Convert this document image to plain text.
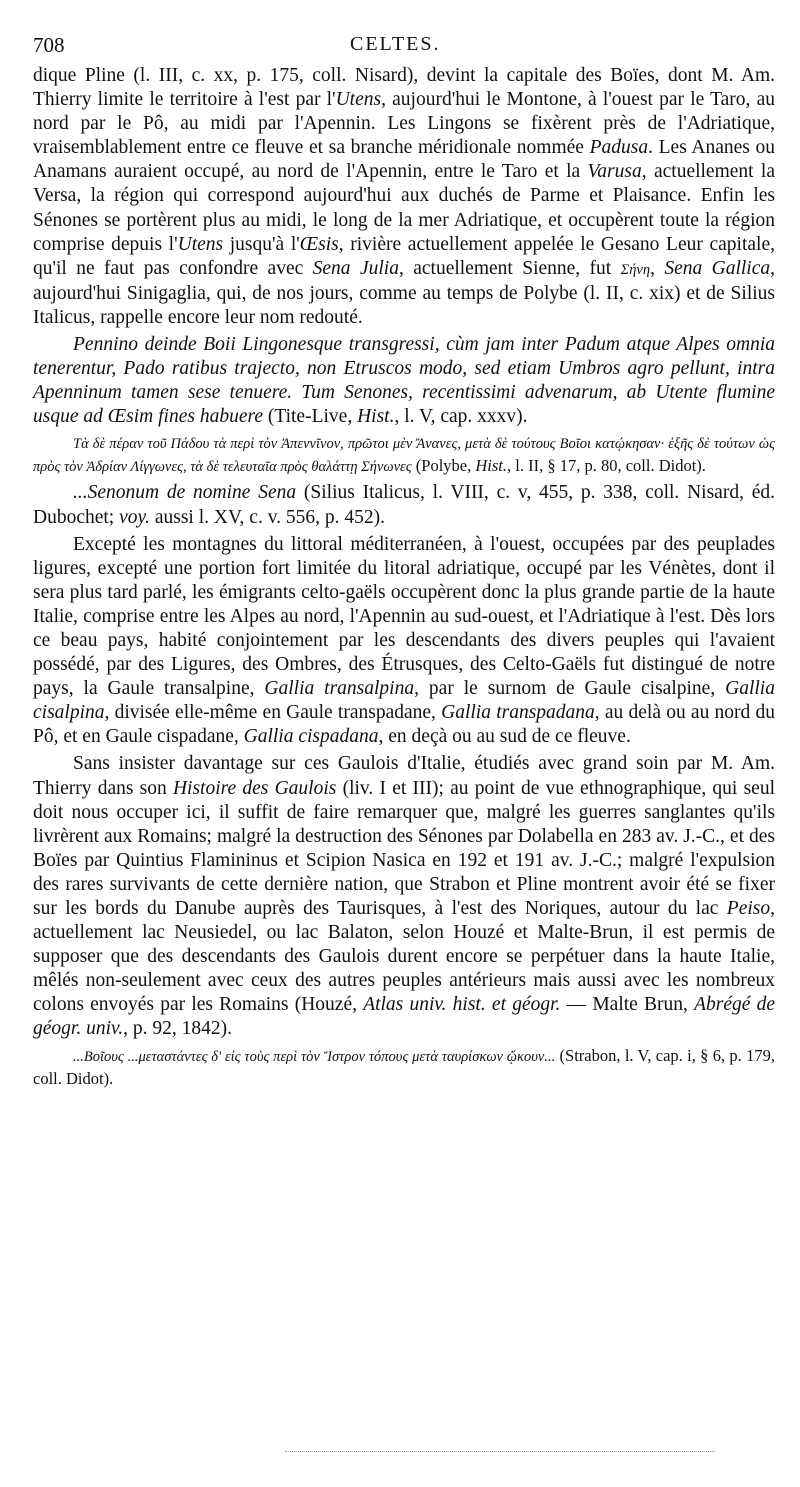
708	CELTES.

dique Pline (l. III, c. xx, p. 175, coll. Nisard), devint la capitale des Boïes, dont M. Am. Thierry limite le territoire à l'est par l'Utens, aujourd'hui le Montone, à l'ouest par le Taro, au nord par le Pô, au midi par l'Apennin. Les Lingons se fixèrent près de l'Adriatique, vraisemblablement entre ce fleuve et sa branche méridionale nommée Padusa. Les Ananes ou Anamans auraient occupé, au nord de l'Apennin, entre le Taro et la Varusa, actuellement la Versa, la région qui correspond aujourd'hui aux duchés de Parme et Plaisance. Enfin les Sénones se portèrent plus au midi, le long de la mer Adriatique, et occupèrent toute la région comprise depuis l'Utens jusqu'à l'Œsis, rivière actuellement appelée le Gesano Leur capitale, qu'il ne faut pas confondre avec Sena Julia, actuellement Sienne, fut Σήνη, Sena Gallica, aujourd'hui Sinigaglia, qui, de nos jours, comme au temps de Polybe (l. II, c. xix) et de Silius Italicus, rappelle encore leur nom redouté.

Pennino deinde Boii Lingonesque transgressi, cùm jam inter Padum atque Alpes omnia tenerentur, Pado ratibus trajecto, non Etruscos modo, sed etiam Umbros agro pellunt, intra Apenninum tamen sese tenuere. Tum Senones, recentissimi advenarum, ab Utente flumine usque ad Œsim fines habuere (Tite-Live, Hist., l. V, cap. xxxv).

Τὰ δὲ πέραν τοῦ Πάδου τὰ περὶ τὸν Ἀπεννῖνον, πρῶτοι μὲν Ἄνανες, μετὰ δὲ τούτους Βοῖοι κατῴκησαν· ἑξῆς δὲ τούτων ὡς πρὸς τὸν Ἀδρίαν Λίγγωνες, τὰ δὲ τελευταῖα πρὸς θαλάττῃ Σήνωνες (Polybe, Hist., l. II, § 17, p. 80, coll. Didot).

...Senonum de nomine Sena (Silius Italicus, l. VIII, c. v, 455, p. 338, coll. Nisard, éd. Dubochet; voy. aussi l. XV, c. v. 556, p. 452).

Excepté les montagnes du littoral méditerranéen, à l'ouest, occupées par des peuplades ligures, excepté une portion fort limitée du litoral adriatique, occupé par les Vénètes, dont il sera plus tard parlé, les émigrants celto-gaëls occupèrent donc la plus grande partie de la haute Italie, comprise entre les Alpes au nord, l'Apennin au sud-ouest, et l'Adriatique à l'est. Dès lors ce beau pays, habité conjointement par les descendants des divers peuples qui l'avaient possédé, par des Ligures, des Ombres, des Étrusques, des Celto-Gaëls fut distingué de notre pays, la Gaule transalpine, Gallia transalpina, par le surnom de Gaule cisalpine, Gallia cisalpina, divisée elle-même en Gaule transpadane, Gallia transpadana, au delà ou au nord du Pô, et en Gaule cispadane, Gallia cispadana, en deçà ou au sud de ce fleuve.

Sans insister davantage sur ces Gaulois d'Italie, étudiés avec grand soin par M. Am. Thierry dans son Histoire des Gaulois (liv. I et III); au point de vue ethnographique, qui seul doit nous occuper ici, il suffit de faire remarquer que, malgré les guerres sanglantes qu'ils livrèrent aux Romains; malgré la destruction des Sénones par Dolabella en 283 av. J.-C., et des Boïes par Quintius Flamininus et Scipion Nasica en 192 et 191 av. J.-C.; malgré l'expulsion des rares survivants de cette dernière nation, que Strabon et Pline montrent avoir été se fixer sur les bords du Danube auprès des Taurisques, à l'est des Noriques, autour du lac Peiso, actuellement lac Neusiedel, ou lac Balaton, selon Houzé et Malte-Brun, il est permis de supposer que des descendants des Gaulois durent encore se perpétuer dans la haute Italie, mêlés non-seulement avec ceux des autres peuples antérieurs mais aussi avec les nombreux colons envoyés par les Romains (Houzé, Atlas univ. hist. et géogr. — Malte Brun, Abrégé de géogr. univ., p. 92, 1842).

...Βοῖους ...μεταστάντες δ' εἰς τοὺς περὶ τὸν Ἴστρον τόπους μετὰ ταυρίσκων ᾤκουν... (Strabon, l. V, cap. i, § 6, p. 179, coll. Didot).
